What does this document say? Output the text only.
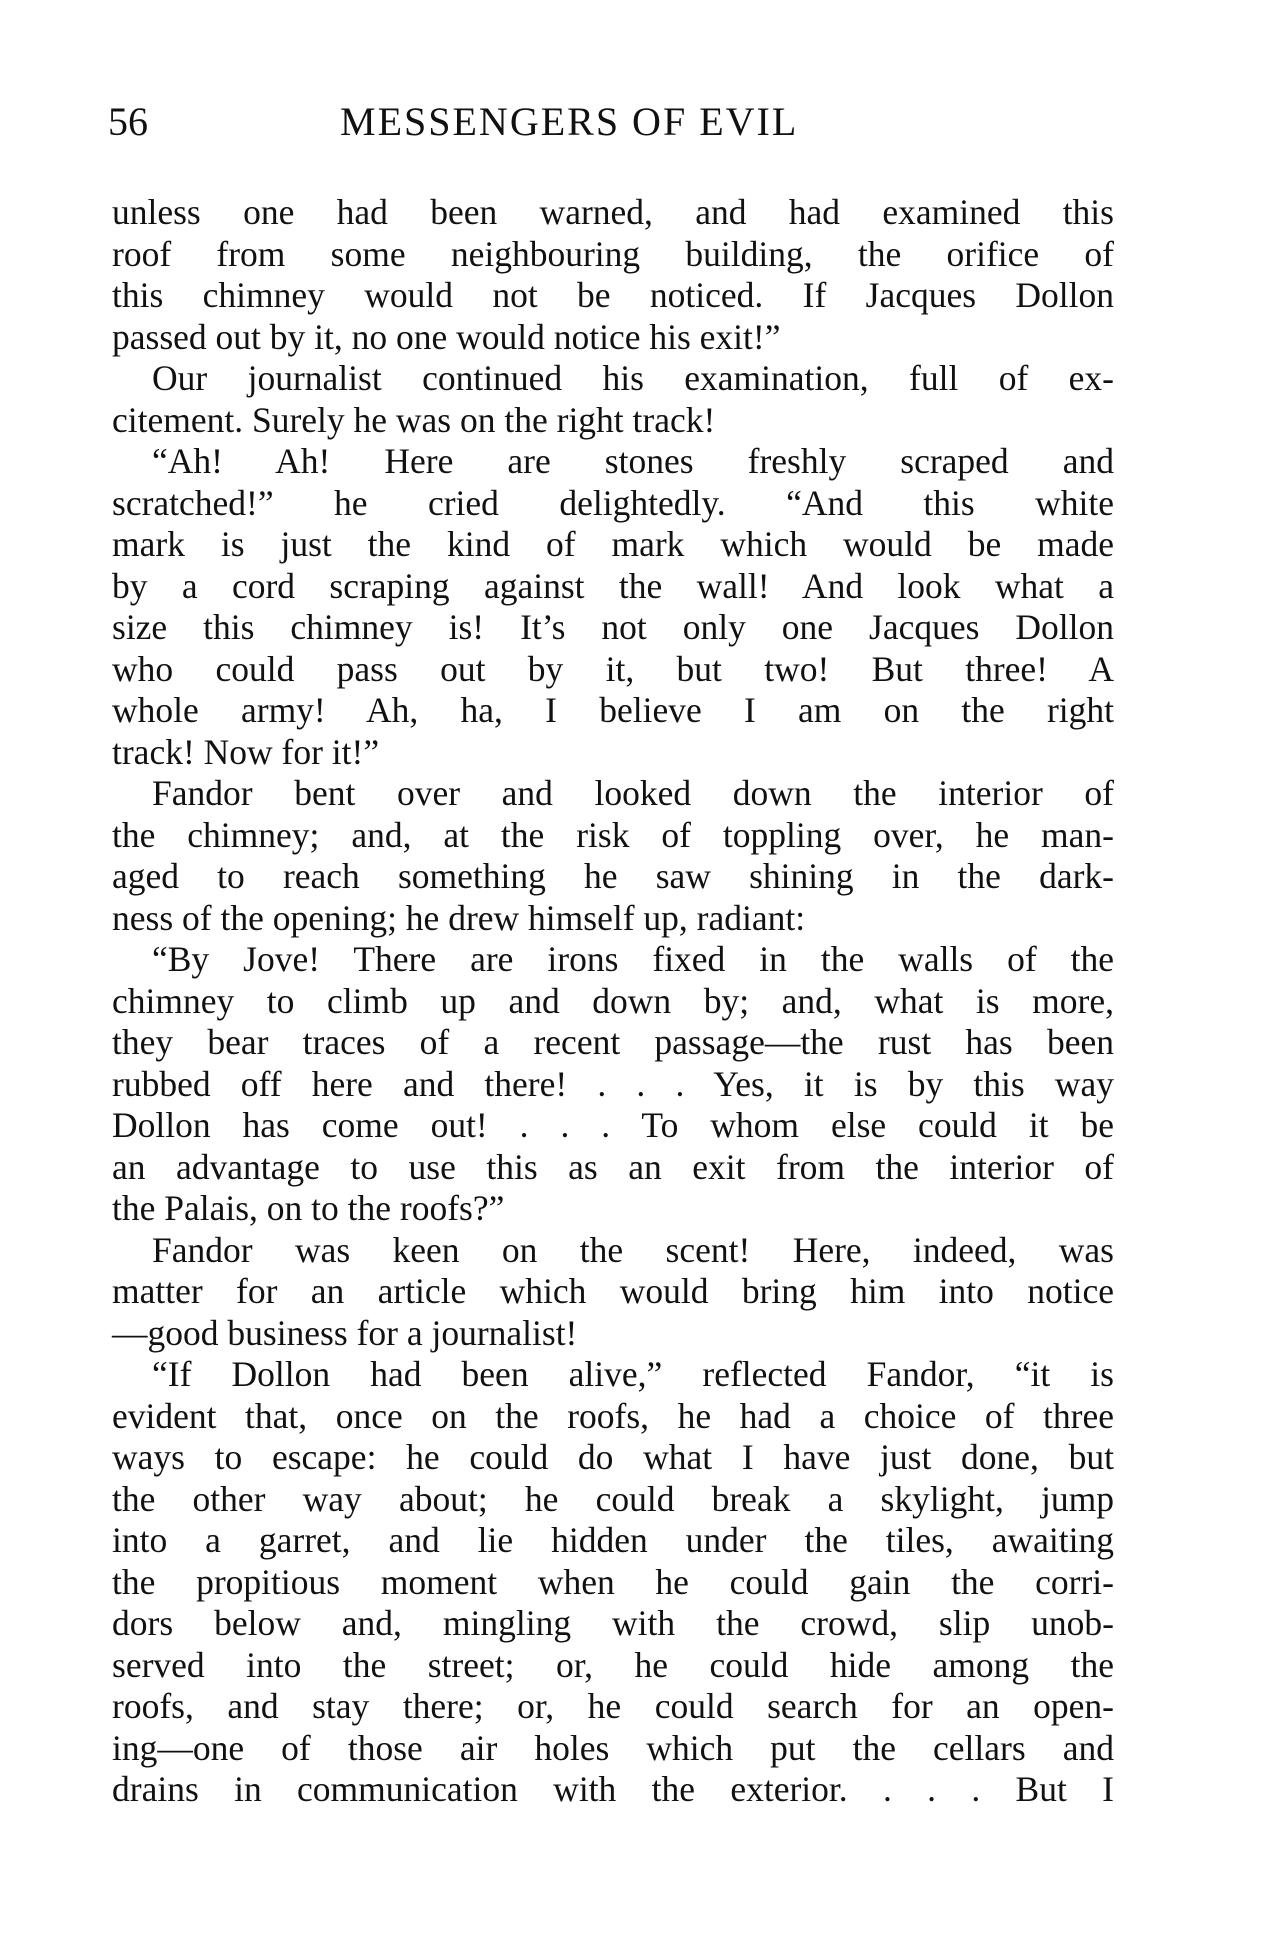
56	MESSENGERS OF EVIL
unless one had been warned, and had examined this
roof from some neighbouring building, the orifice of
this chimney would not be noticed. If Jacques Dollon
passed out by it, no one would notice his exit!”
Our journalist continued his examination, full of ex-
citement. Surely he was on the right track!
“Ah! Ah! Here are stones freshly scraped and
scratched!” he cried delightedly. “And this white
mark is just the kind of mark which would be made
by a cord scraping against the wall! And look what a
size this chimney is! It’s not only one Jacques Dollon
who could pass out by it, but two! But three! A
whole army! Ah, ha, I believe I am on the right
track! Now for it!”
Fandor bent over and looked down the interior of
the chimney; and, at the risk of toppling over, he man-
aged to reach something he saw shining in the dark-
ness of the opening; he drew himself up, radiant:
“By Jove! There are irons fixed in the walls of the
chimney to climb up and down by; and, what is more,
they bear traces of a recent passage—the rust has been
rubbed off here and there! . . . Yes, it is by this way
Dollon has come out! . . . To whom else could it be
an advantage to use this as an exit from the interior of
the Palais, on to the roofs?”
Fandor was keen on the scent! Here, indeed, was
matter for an article which would bring him into notice
—good business for a journalist!
“If Dollon had been alive,” reflected Fandor, “it is
evident that, once on the roofs, he had a choice of three
ways to escape: he could do what I have just done, but
the other way about; he could break a skylight, jump
into a garret, and lie hidden under the tiles, awaiting
the propitious moment when he could gain the corri-
dors below and, mingling with the crowd, slip unob-
served into the street; or, he could hide among the
roofs, and stay there; or, he could search for an open-
ing—one of those air holes which put the cellars and
drains in communication with the exterior. . . . But I
